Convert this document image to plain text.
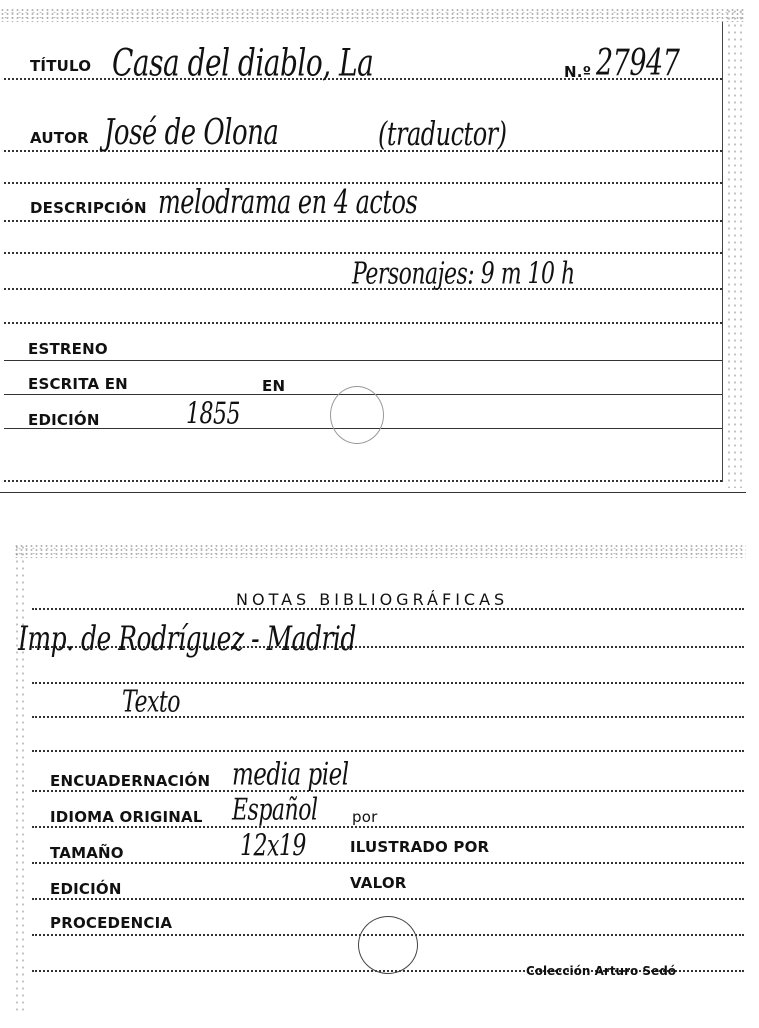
TÍTULO Casa del diablo, La	N.º 27947
AUTOR José de Olona	(traductor)
DESCRIPCIÓN melodrama en 4 actos
Personajes: 9 m 10 h
ESTRENO
ESCRITA EN	EN
EDICIÓN	1855
NOTAS BIBLIOGRÁFICAS
Imp. de Rodríguez - Madrid
Texto
ENCUADERNACIÓN media piel
IDIOMA ORIGINAL Español por
TAMAÑO	12x19	ILUSTRADO POR
EDICIÓN	VALOR
PROCEDENCIA
Colección Arturo Sedó
